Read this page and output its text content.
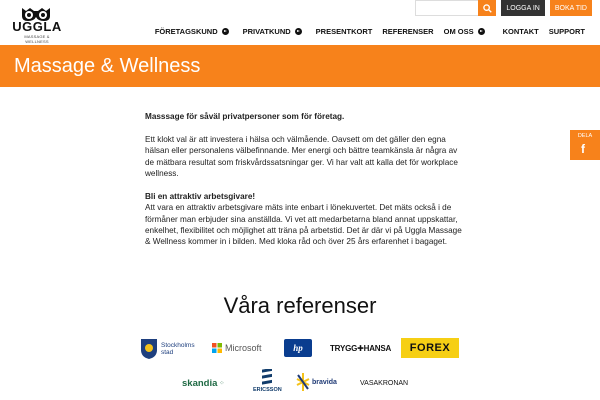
UGGLA
MASSAGE & WELLNESS
LOGGA IN	BOKA TID
FÖRETAGSKUND	PRIVATKUND	PRESENTKORT REFERENSER OM OSS	KONTAKT SUPPORT
Massage & Wellness

Masssage för såväl privatpersoner som för företag.

Ett klokt val är att investera i hälsa och välmående. Oavsett om det gäller den egna hälsan eller personalens välbefinnande. Mer energi och bättre teamkänsla är några av de mätbara resultat som friskvårdssatsningar ger. Vi har valt att kalla det för workplace wellness.

Bli en attraktiv arbetsgivare!
Att vara en attraktiv arbetsgivare mäts inte enbart i lönekuvertet. Det mäts också i de förmåner man erbjuder sina anställda. Vi vet att medarbetarna bland annat uppskattar, enkelhet, flexibilitet och möjlighet att träna på arbetstid. Det är där vi på Uggla Massage & Wellness kommer in i bilden. Med kloka råd och över 25 års erfarenhet i bagaget.

DELA
f
Våra referenser
Stockholms
stad	Microsoft	hp	TRYGG✚HANSA	FOREX
skandia ⁘
ERICSSON
bravida	VASAKRONAN
